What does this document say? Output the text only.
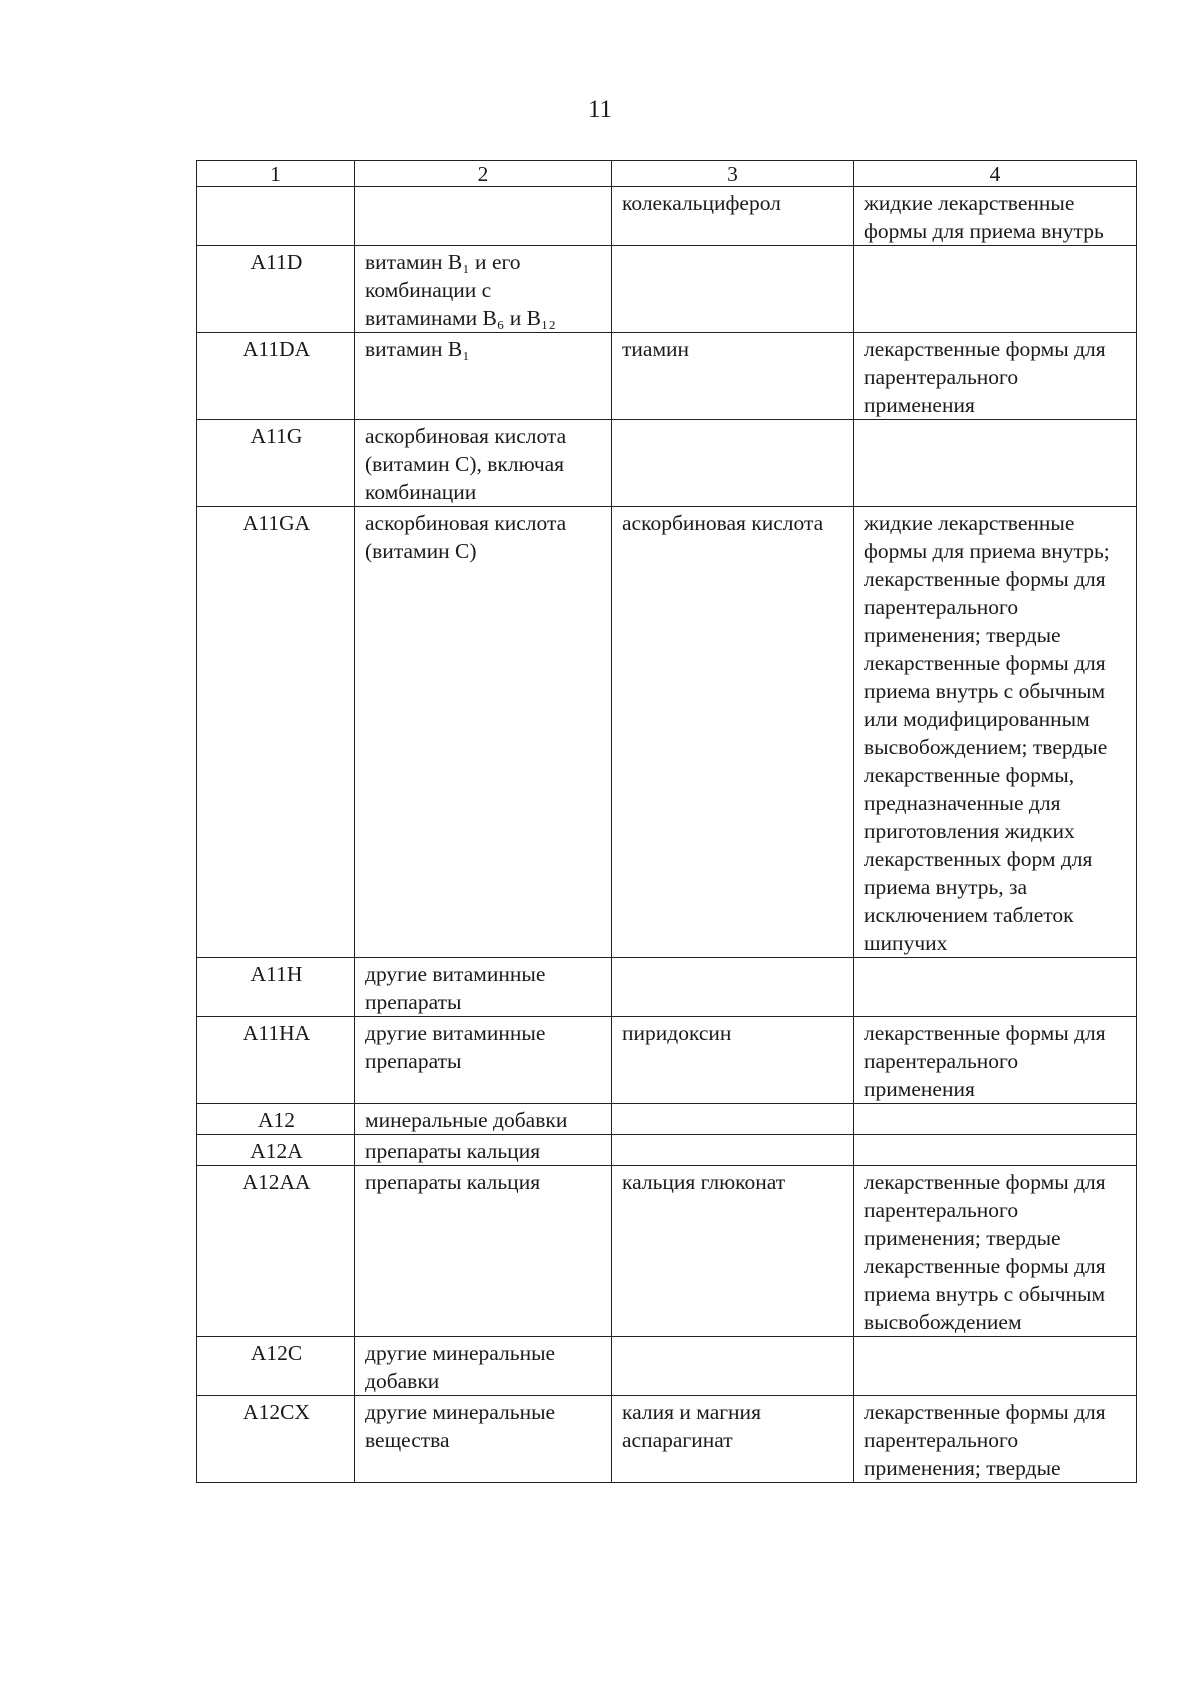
11
1	2	3	4
		колекальциферол	жидкие лекарственные формы для приема внутрь
A11D	витамин B₁ и его комбинации с витаминами B₆ и B₁₂		
A11DA	витамин B₁	тиамин	лекарственные формы для парентерального применения
A11G	аскорбиновая кислота (витамин C), включая комбинации		
A11GA	аскорбиновая кислота (витамин C)	аскорбиновая кислота	жидкие лекарственные формы для приема внутрь; лекарственные формы для парентерального применения; твердые лекарственные формы для приема внутрь с обычным или модифицированным высвобождением; твердые лекарственные формы, предназначенные для приготовления жидких лекарственных форм для приема внутрь, за исключением таблеток шипучих
A11H	другие витаминные препараты		
A11HA	другие витаминные препараты	пиридоксин	лекарственные формы для парентерального применения
A12	минеральные добавки		
A12A	препараты кальция		
A12AA	препараты кальция	кальция глюконат	лекарственные формы для парентерального применения; твердые лекарственные формы для приема внутрь с обычным высвобождением
A12C	другие минеральные добавки		
A12CX	другие минеральные вещества	калия и магния аспарагинат	лекарственные формы для парентерального применения; твердые
